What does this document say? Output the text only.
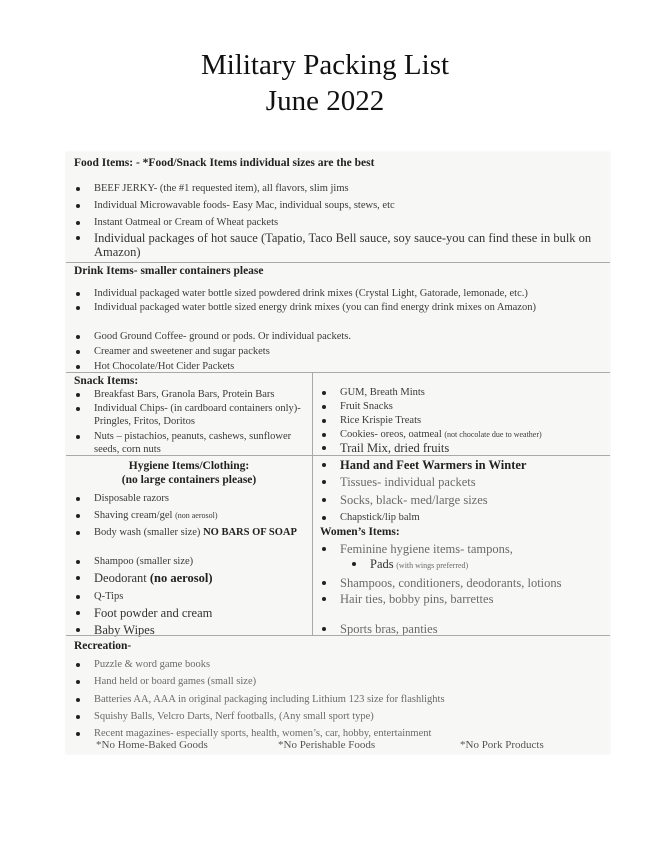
Military Packing List
June 2022
Food Items: - *Food/Snack Items individual sizes are the best
BEEF JERKY- (the #1 requested item), all flavors, slim jims
Individual Microwavable foods- Easy Mac, individual soups, stews, etc
Instant Oatmeal or Cream of Wheat packets
Individual packages of hot sauce (Tapatio, Taco Bell sauce, soy sauce-you can find these in bulk on Amazon)
Drink Items- smaller containers please
Individual packaged water bottle sized powdered drink mixes (Crystal Light, Gatorade, lemonade, etc.)
Individual packaged water bottle sized energy drink mixes (you can find energy drink mixes on Amazon)
Good Ground Coffee- ground or pods. Or individual packets.
Creamer and sweetener and sugar packets
Hot Chocolate/Hot Cider Packets
Snack Items:
Breakfast Bars, Granola Bars, Protein Bars
Individual Chips- (in cardboard containers only)- Pringles, Fritos, Doritos
Nuts – pistachios, peanuts, cashews, sunflower seeds, corn nuts
GUM, Breath Mints
Fruit Snacks
Rice Krispie Treats
Cookies- oreos, oatmeal (not chocolate due to weather)
Trail Mix, dried fruits
Hygiene Items/Clothing:
(no large containers please)
Disposable razors
Shaving cream/gel (non aerosol)
Body wash (smaller size) NO BARS OF SOAP
Shampoo (smaller size)
Deodorant (no aerosol)
Q-Tips
Foot powder and cream
Baby Wipes
Hand and Feet Warmers in Winter
Tissues- individual packets
Socks, black- med/large sizes
Chapstick/lip balm
Women’s Items:
Feminine hygiene items- tampons,
Pads (with wings preferred)
Shampoos, conditioners, deodorants, lotions
Hair ties, bobby pins, barrettes
Sports bras, panties
Recreation-
Puzzle & word game books
Hand held or board games (small size)
Batteries AA, AAA in original packaging including Lithium 123 size for flashlights
Squishy Balls, Velcro Darts, Nerf footballs, (Any small sport type)
Recent magazines- especially sports, health, women’s, car, hobby, entertainment
*No Home-Baked Goods	*No Perishable Foods	*No Pork Products
